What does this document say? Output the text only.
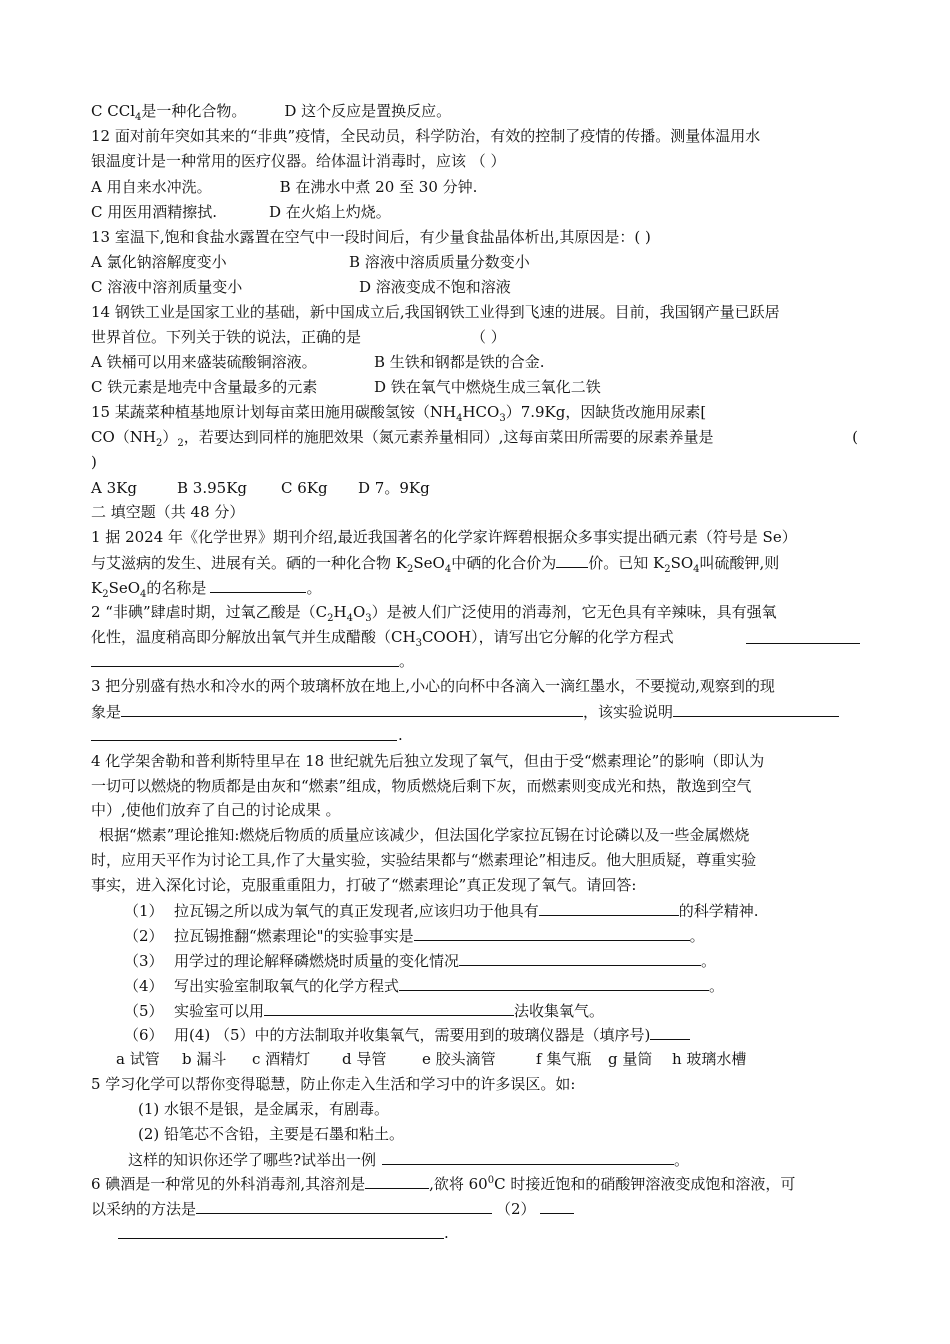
C CCl$_4$是一种化合物。	D 这个反应是置换反应。
12 面对前年突如其来的“非典”疫情，全民动员，科学防治，有效的控制了疫情的传播。测量体温用水
银温度计是一种常用的医疗仪器。给体温计消毒时，应该 （ ）
A 用自来水冲洗。	B 在沸水中煮 20 至 30 分钟.
C 用医用酒精擦拭.	D 在火焰上灼烧。
13 室温下,饱和食盐水露置在空气中一段时间后，有少量食盐晶体析出,其原因是：( )
A 氯化钠溶解度变小	B 溶液中溶质质量分数变小
C 溶液中溶剂质量变小	D 溶液变成不饱和溶液
14 钢铁工业是国家工业的基础，新中国成立后,我国钢铁工业得到飞速的进展。目前，我国钢产量已跃居
世界首位。下列关于铁的说法，正确的是	（ ）
A 铁桶可以用来盛装硫酸铜溶液。	B 生铁和钢都是铁的合金.
C 铁元素是地壳中含量最多的元素	D 铁在氧气中燃烧生成三氧化二铁
15 某蔬菜种植基地原计划每亩菜田施用碳酸氢铵$(NH_4HCO_3)7.9Kg$，因缺货改施用尿素[
$CO(NH_2)_2$，若要达到同样的施肥效果（氮元素养量相同）,这每亩菜田所需要的尿素养量是	(
)
A 3Kg	B 3.95Kg C 6Kg D 7。9Kg
二 填空题（共 48 分）
1 据 2024 年《化学世界》期刊介绍,最近我国著名的化学家许辉碧根据众多事实提出硒元素（符号是 Se）
与艾滋病的发生、进展有关。硒的一种化合物 $K_2SeO_4$中硒的化合价为 价。已知 $K_2SO_4$叫硫酸钾,则
$K_2SeO_4$的名称是	。
2 “非碘”肆虐时期，过氧乙酸是$(C_2H_4O_3)$是被人们广泛使用的消毒剂，它无色具有辛辣味，具有强氧
化性，温度稍高即分解放出氧气并生成醋酸$(CH_3COOH)$，请写出它分解的化学方程式
。
3 把分别盛有热水和冷水的两个玻璃杯放在地上,小心的向杯中各滴入一滴红墨水，不要搅动,观察到的现
象是	，该实验说明
.
4 化学架舍勒和普利斯特里早在 18 世纪就先后独立发现了氧气，但由于受“燃素理论”的影响（即认为
一切可以燃烧的物质都是由灰和“燃素”组成，物质燃烧后剩下灰，而燃素则变成光和热，散逸到空气
中）,使他们放弃了自己的讨论成果 。
根据“燃素”理论推知:燃烧后物质的质量应该减少，但法国化学家拉瓦锡在讨论磷以及一些金属燃烧
时，应用天平作为讨论工具,作了大量实验，实验结果都与“燃素理论”相违反。他大胆质疑，尊重实验
事实，进入深化讨论，克服重重阻力，打破了“燃素理论”真正发现了氧气。请回答:
（1） 拉瓦锡之所以成为氧气的真正发现者,应该归功于他具有	的科学精神.
（2） 拉瓦锡推翻“燃素理论"的实验事实是	。
（3） 用学过的理论解释磷燃烧时质量的变化情况	。
（4） 写出实验室制取氧气的化学方程式	。
（5） 实验室可以用	法收集氧气。
（6） 用(4) （5）中的方法制取并收集氧气，需要用到的玻璃仪器是（填序号)
a 试管 b 漏斗 c 酒精灯 d 导管 e 胶头滴管	f 集气瓶 g 量筒 h 玻璃水槽
5 学习化学可以帮你变得聪慧，防止你走入生活和学习中的许多误区。如:
(1) 水银不是银，是金属汞，有剧毒。
(2) 铅笔芯不含铅，主要是石墨和粘土。
这样的知识你还学了哪些?试举出一例	。
6 碘酒是一种常见的外科消毒剂,其溶剂是	,欲将 $60^0C$ 时接近饱和的硝酸钾溶液变成饱和溶液，可
以采纳的方法是	（2）
.
